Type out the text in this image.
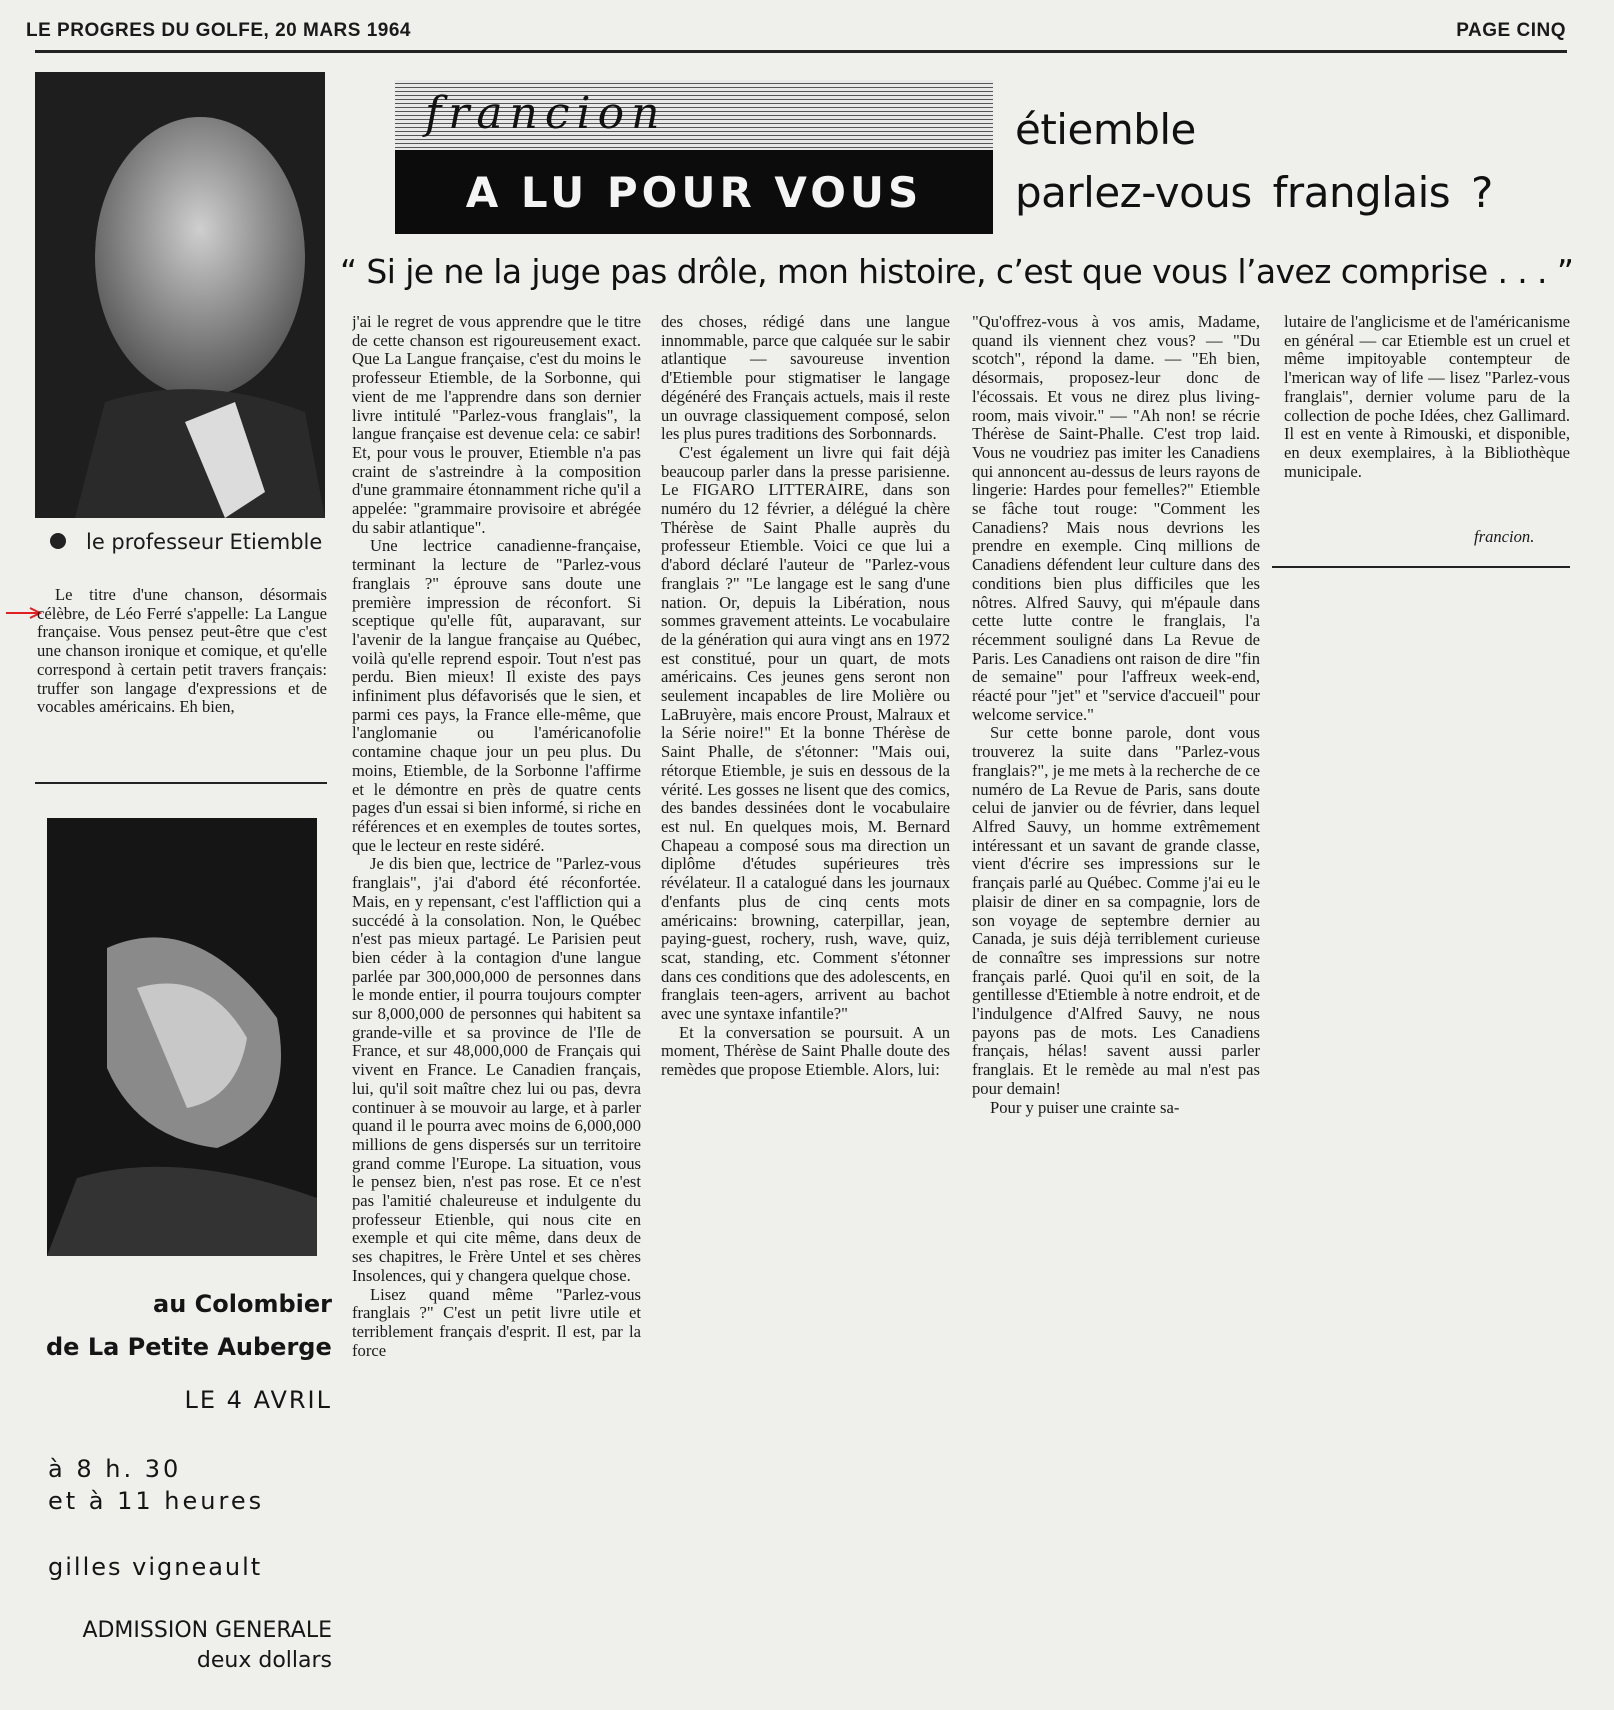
LE PROGRES DU GOLFE, 20 MARS 1964	PAGE CINQ
le professeur Etiemble

Le titre d'une chanson, désormais célèbre, de Léo Ferré s'appelle: La Langue française. Vous pensez peut-être que c'est une chanson ironique et comique, et qu'elle correspond à certain petit travers français: truffer son langage d'expressions et de vocables américains. Eh bien,

au Colombier
de La Petite Auberge
LE 4 AVRIL
à 8 h. 30
et à 11 heures
gilles vigneault
ADMISSION GENERALE
deux dollars
francion
A LU POUR VOUS
étiemble
parlez-vous franglais ?
“ Si je ne la juge pas drôle, mon histoire, c’est que vous l’avez comprise . . . ”

j'ai le regret de vous apprendre que le titre de cette chanson est rigoureusement exact. Que La Langue française, c'est du moins le professeur Etiemble, de la Sorbonne, qui vient de me l'apprendre dans son dernier livre intitulé "Parlez-vous franglais", la langue française est devenue cela: ce sabir! Et, pour vous le prouver, Etiemble n'a pas craint de s'astreindre à la composition d'une grammaire étonnamment riche qu'il a appelée: "grammaire provisoire et abrégée du sabir atlantique".

Une lectrice canadienne-française, terminant la lecture de "Parlez-vous franglais ?" éprouve sans doute une première impression de réconfort. Si sceptique qu'elle fût, auparavant, sur l'avenir de la langue française au Québec, voilà qu'elle reprend espoir. Tout n'est pas perdu. Bien mieux! Il existe des pays infiniment plus défavorisés que le sien, et parmi ces pays, la France elle-même, que l'anglomanie ou l'américanofolie contamine chaque jour un peu plus. Du moins, Etiemble, de la Sorbonne l'affirme et le démontre en près de quatre cents pages d'un essai si bien informé, si riche en références et en exemples de toutes sortes, que le lecteur en reste sidéré.

Je dis bien que, lectrice de "Parlez-vous franglais", j'ai d'abord été réconfortée. Mais, en y repensant, c'est l'affliction qui a succédé à la consolation. Non, le Québec n'est pas mieux partagé. Le Parisien peut bien céder à la contagion d'une langue parlée par 300,000,000 de personnes dans le monde entier, il pourra toujours compter sur 8,000,000 de personnes qui habitent sa grande-ville et sa province de l'Ile de France, et sur 48,000,000 de Français qui vivent en France. Le Canadien français, lui, qu'il soit maître chez lui ou pas, devra continuer à se mouvoir au large, et à parler quand il le pourra avec moins de 6,000,000 millions de gens dispersés sur un territoire grand comme l'Europe. La situation, vous le pensez bien, n'est pas rose. Et ce n'est pas l'amitié chaleureuse et indulgente du professeur Etienble, qui nous cite en exemple et qui cite même, dans deux de ses chapitres, le Frère Untel et ses chères Insolences, qui y changera quelque chose.

Lisez quand même "Parlez-vous franglais ?" C'est un petit livre utile et terriblement français d'esprit. Il est, par la force

des choses, rédigé dans une langue innommable, parce que calquée sur le sabir atlantique — savoureuse invention d'Etiemble pour stigmatiser le langage dégénéré des Français actuels, mais il reste un ouvrage classiquement composé, selon les plus pures traditions des Sorbonnards.

C'est également un livre qui fait déjà beaucoup parler dans la presse parisienne. Le FIGARO LITTERAIRE, dans son numéro du 12 février, a délégué la chère Thérèse de Saint Phalle auprès du professeur Etiemble. Voici ce que lui a d'abord déclaré l'auteur de "Parlez-vous franglais ?" "Le langage est le sang d'une nation. Or, depuis la Libération, nous sommes gravement atteints. Le vocabulaire de la génération qui aura vingt ans en 1972 est constitué, pour un quart, de mots américains. Ces jeunes gens seront non seulement incapables de lire Molière ou LaBruyère, mais encore Proust, Malraux et la Série noire!" Et la bonne Thérèse de Saint Phalle, de s'étonner: "Mais oui, rétorque Etiemble, je suis en dessous de la vérité. Les gosses ne lisent que des comics, des bandes dessinées dont le vocabulaire est nul. En quelques mois, M. Bernard Chapeau a composé sous ma direction un diplôme d'études supérieures très révélateur. Il a catalogué dans les journaux d'enfants plus de cinq cents mots américains: browning, caterpillar, jean, paying-guest, rochery, rush, wave, quiz, scat, standing, etc. Comment s'étonner dans ces conditions que des adolescents, en franglais teen-agers, arrivent au bachot avec une syntaxe infantile?"

Et la conversation se poursuit. A un moment, Thérèse de Saint Phalle doute des remèdes que propose Etiemble. Alors, lui:

"Qu'offrez-vous à vos amis, Madame, quand ils viennent chez vous? — "Du scotch", répond la dame. — "Eh bien, désormais, proposez-leur donc de l'écossais. Et vous ne direz plus living-room, mais vivoir." — "Ah non! se récrie Thérèse de Saint-Phalle. C'est trop laid. Vous ne voudriez pas imiter les Canadiens qui annoncent au-dessus de leurs rayons de lingerie: Hardes pour femelles?" Etiemble se fâche tout rouge: "Comment les Canadiens? Mais nous devrions les prendre en exemple. Cinq millions de Canadiens défendent leur culture dans des conditions bien plus difficiles que les nôtres. Alfred Sauvy, qui m'épaule dans cette lutte contre le franglais, l'a récemment souligné dans La Revue de Paris. Les Canadiens ont raison de dire "fin de semaine" pour l'affreux week-end, réacté pour "jet" et "service d'accueil" pour welcome service."

Sur cette bonne parole, dont vous trouverez la suite dans "Parlez-vous franglais?", je me mets à la recherche de ce numéro de La Revue de Paris, sans doute celui de janvier ou de février, dans lequel Alfred Sauvy, un homme extrêmement intéressant et un savant de grande classe, vient d'écrire ses impressions sur le français parlé au Québec. Comme j'ai eu le plaisir de diner en sa compagnie, lors de son voyage de septembre dernier au Canada, je suis déjà terriblement curieuse de connaître ses impressions sur notre français parlé. Quoi qu'il en soit, de la gentillesse d'Etiemble à notre endroit, et de l'indulgence d'Alfred Sauvy, ne nous payons pas de mots. Les Canadiens français, hélas! savent aussi parler franglais. Et le remède au mal n'est pas pour demain!

Pour y puiser une crainte sa-

lutaire de l'anglicisme et de l'américanisme en général — car Etiemble est un cruel et même impitoyable contempteur de l'merican way of life — lisez "Parlez-vous franglais", dernier volume paru de la collection de poche Idées, chez Gallimard. Il est en vente à Rimouski, et disponible, en deux exemplaires, à la Bibliothèque municipale.

francion.
